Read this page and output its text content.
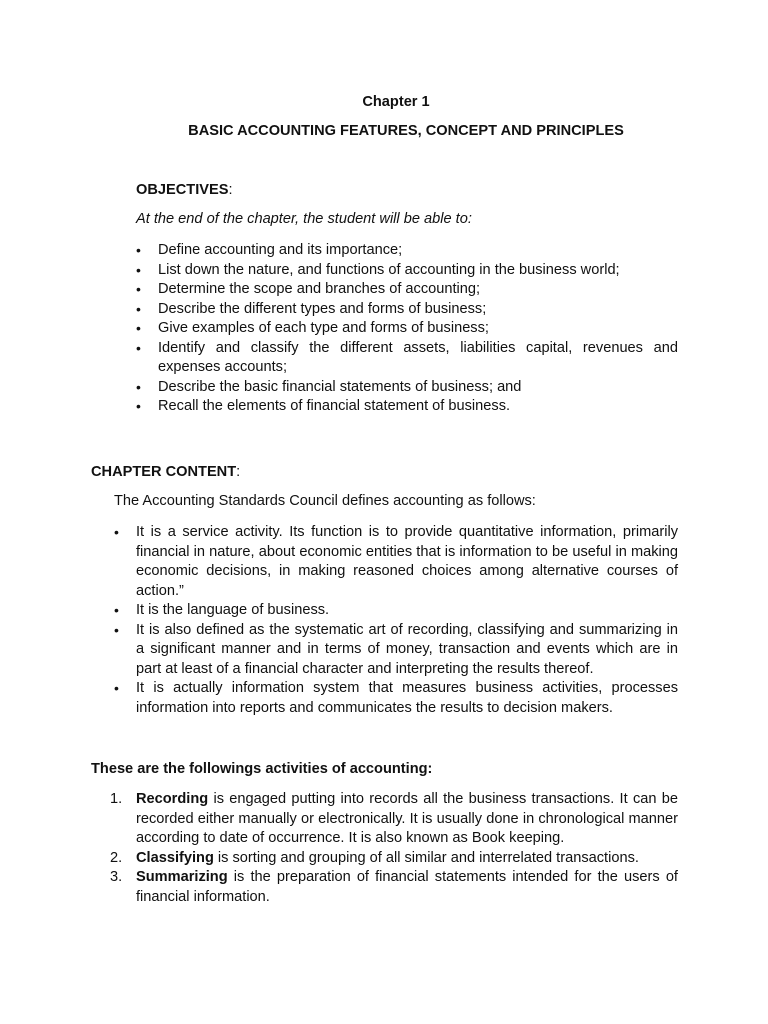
Chapter 1
BASIC ACCOUNTING FEATURES, CONCEPT AND PRINCIPLES
OBJECTIVES:
At the end of the chapter, the student will be able to:
• Define accounting and its importance;
• List down the nature, and functions of accounting in the business world;
• Determine the scope and branches of accounting;
• Describe the different types and forms of business;
• Give examples of each type and forms of business;
• Identify and classify the different assets, liabilities capital, revenues and expenses accounts;
• Describe the basic financial statements of business; and
• Recall the elements of financial statement of business.
CHAPTER CONTENT:
The Accounting Standards Council defines accounting as follows:
• It is a service activity. Its function is to provide quantitative information, primarily financial in nature, about economic entities that is information to be useful in making economic decisions, in making reasoned choices among alternative courses of action.”
• It is the language of business.
• It is also defined as the systematic art of recording, classifying and summarizing in a significant manner and in terms of money, transaction and events which are in part at least of a financial character and interpreting the results thereof.
• It is actually information system that measures business activities, processes information into reports and communicates the results to decision makers.
These are the followings activities of accounting:
1. Recording is engaged putting into records all the business transactions. It can be recorded either manually or electronically. It is usually done in chronological manner according to date of occurrence. It is also known as Book keeping.
2. Classifying is sorting and grouping of all similar and interrelated transactions.
3. Summarizing is the preparation of financial statements intended for the users of financial information.
